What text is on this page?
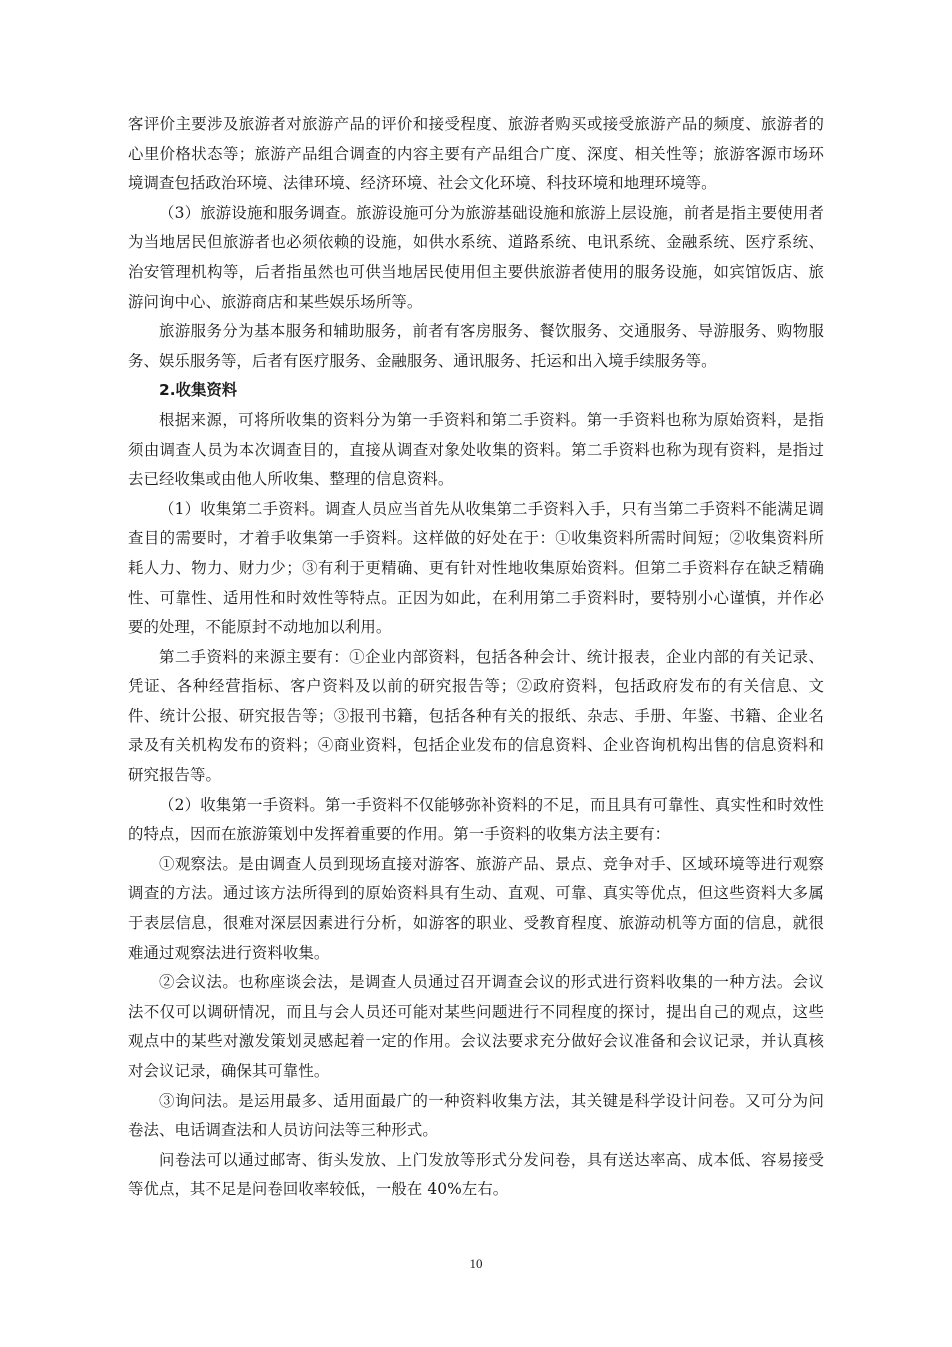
客评价主要涉及旅游者对旅游产品的评价和接受程度、旅游者购买或接受旅游产品的频度、旅游者的心里价格状态等；旅游产品组合调查的内容主要有产品组合广度、深度、相关性等；旅游客源市场环境调查包括政治环境、法律环境、经济环境、社会文化环境、科技环境和地理环境等。

（3）旅游设施和服务调查。旅游设施可分为旅游基础设施和旅游上层设施，前者是指主要使用者为当地居民但旅游者也必须依赖的设施，如供水系统、道路系统、电讯系统、金融系统、医疗系统、治安管理机构等，后者指虽然也可供当地居民使用但主要供旅游者使用的服务设施，如宾馆饭店、旅游问询中心、旅游商店和某些娱乐场所等。

旅游服务分为基本服务和辅助服务，前者有客房服务、餐饮服务、交通服务、导游服务、购物服务、娱乐服务等，后者有医疗服务、金融服务、通讯服务、托运和出入境手续服务等。

2.收集资料

根据来源，可将所收集的资料分为第一手资料和第二手资料。第一手资料也称为原始资料，是指须由调查人员为本次调查目的，直接从调查对象处收集的资料。第二手资料也称为现有资料，是指过去已经收集或由他人所收集、整理的信息资料。

（1）收集第二手资料。调查人员应当首先从收集第二手资料入手，只有当第二手资料不能满足调查目的需要时，才着手收集第一手资料。这样做的好处在于：①收集资料所需时间短；②收集资料所耗人力、物力、财力少；③有利于更精确、更有针对性地收集原始资料。但第二手资料存在缺乏精确性、可靠性、适用性和时效性等特点。正因为如此，在利用第二手资料时，要特别小心谨慎，并作必要的处理，不能原封不动地加以利用。

第二手资料的来源主要有：①企业内部资料，包括各种会计、统计报表，企业内部的有关记录、凭证、各种经营指标、客户资料及以前的研究报告等；②政府资料，包括政府发布的有关信息、文件、统计公报、研究报告等；③报刊书籍，包括各种有关的报纸、杂志、手册、年鉴、书籍、企业名录及有关机构发布的资料；④商业资料，包括企业发布的信息资料、企业咨询机构出售的信息资料和研究报告等。

（2）收集第一手资料。第一手资料不仅能够弥补资料的不足，而且具有可靠性、真实性和时效性的特点，因而在旅游策划中发挥着重要的作用。第一手资料的收集方法主要有：

①观察法。是由调查人员到现场直接对游客、旅游产品、景点、竞争对手、区域环境等进行观察调查的方法。通过该方法所得到的原始资料具有生动、直观、可靠、真实等优点，但这些资料大多属于表层信息，很难对深层因素进行分析，如游客的职业、受教育程度、旅游动机等方面的信息，就很难通过观察法进行资料收集。

②会议法。也称座谈会法，是调查人员通过召开调查会议的形式进行资料收集的一种方法。会议法不仅可以调研情况，而且与会人员还可能对某些问题进行不同程度的探讨，提出自己的观点，这些观点中的某些对激发策划灵感起着一定的作用。会议法要求充分做好会议准备和会议记录，并认真核对会议记录，确保其可靠性。

③询问法。是运用最多、适用面最广的一种资料收集方法，其关键是科学设计问卷。又可分为问卷法、电话调查法和人员访问法等三种形式。

问卷法可以通过邮寄、街头发放、上门发放等形式分发问卷，具有送达率高、成本低、容易接受等优点，其不足是问卷回收率较低，一般在 40%左右。

10
